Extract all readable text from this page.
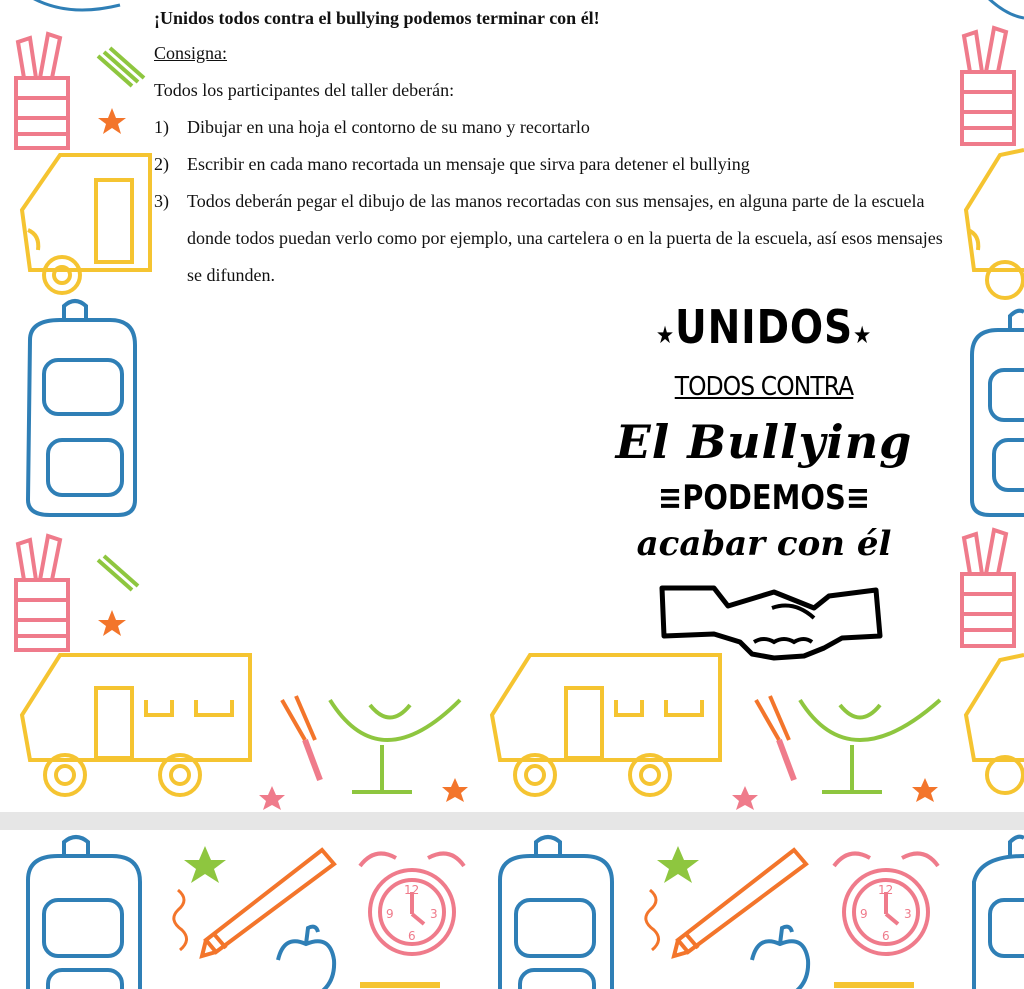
¡Unidos todos contra el bullying podemos terminar con él!
Consigna:
Todos los participantes del taller deberán:
1) Dibujar en una hoja el contorno de su mano y recortarlo
2) Escribir en cada mano recortada un mensaje que sirva para detener el bullying
3) Todos deberán pegar el dibujo de las manos recortadas con sus mensajes, en alguna parte de la escuela donde todos puedan verlo como por ejemplo, una cartelera o en la puerta de la escuela, así esos mensajes se difunden.
★UNIDOS★
TODOS CONTRA
El Bullying
≡PODEMOS≡
acabar con él
12
9	3
6
12
9	3
6
